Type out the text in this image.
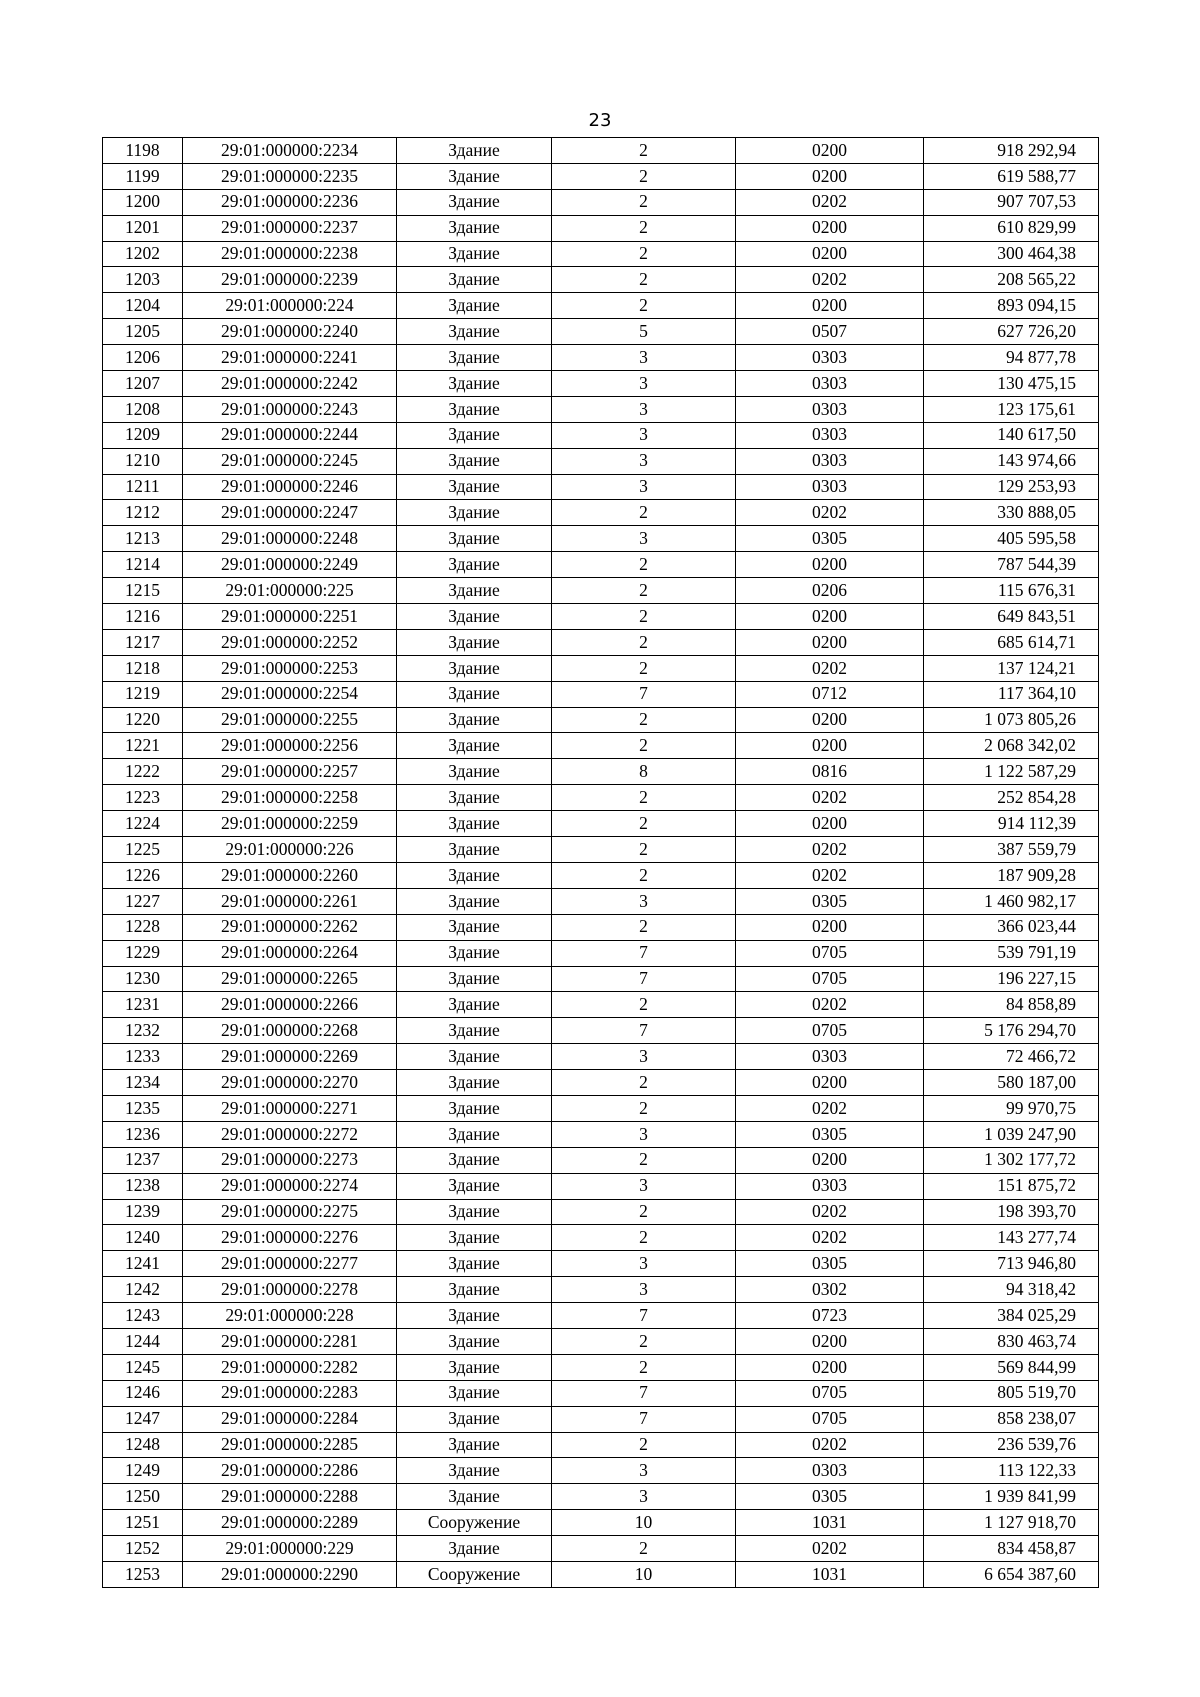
23
1198	29:01:000000:2234	Здание	2	0200	918 292,94
1199	29:01:000000:2235	Здание	2	0200	619 588,77
1200	29:01:000000:2236	Здание	2	0202	907 707,53
1201	29:01:000000:2237	Здание	2	0200	610 829,99
1202	29:01:000000:2238	Здание	2	0200	300 464,38
1203	29:01:000000:2239	Здание	2	0202	208 565,22
1204	29:01:000000:224	Здание	2	0200	893 094,15
1205	29:01:000000:2240	Здание	5	0507	627 726,20
1206	29:01:000000:2241	Здание	3	0303	94 877,78
1207	29:01:000000:2242	Здание	3	0303	130 475,15
1208	29:01:000000:2243	Здание	3	0303	123 175,61
1209	29:01:000000:2244	Здание	3	0303	140 617,50
1210	29:01:000000:2245	Здание	3	0303	143 974,66
1211	29:01:000000:2246	Здание	3	0303	129 253,93
1212	29:01:000000:2247	Здание	2	0202	330 888,05
1213	29:01:000000:2248	Здание	3	0305	405 595,58
1214	29:01:000000:2249	Здание	2	0200	787 544,39
1215	29:01:000000:225	Здание	2	0206	115 676,31
1216	29:01:000000:2251	Здание	2	0200	649 843,51
1217	29:01:000000:2252	Здание	2	0200	685 614,71
1218	29:01:000000:2253	Здание	2	0202	137 124,21
1219	29:01:000000:2254	Здание	7	0712	117 364,10
1220	29:01:000000:2255	Здание	2	0200	1 073 805,26
1221	29:01:000000:2256	Здание	2	0200	2 068 342,02
1222	29:01:000000:2257	Здание	8	0816	1 122 587,29
1223	29:01:000000:2258	Здание	2	0202	252 854,28
1224	29:01:000000:2259	Здание	2	0200	914 112,39
1225	29:01:000000:226	Здание	2	0202	387 559,79
1226	29:01:000000:2260	Здание	2	0202	187 909,28
1227	29:01:000000:2261	Здание	3	0305	1 460 982,17
1228	29:01:000000:2262	Здание	2	0200	366 023,44
1229	29:01:000000:2264	Здание	7	0705	539 791,19
1230	29:01:000000:2265	Здание	7	0705	196 227,15
1231	29:01:000000:2266	Здание	2	0202	84 858,89
1232	29:01:000000:2268	Здание	7	0705	5 176 294,70
1233	29:01:000000:2269	Здание	3	0303	72 466,72
1234	29:01:000000:2270	Здание	2	0200	580 187,00
1235	29:01:000000:2271	Здание	2	0202	99 970,75
1236	29:01:000000:2272	Здание	3	0305	1 039 247,90
1237	29:01:000000:2273	Здание	2	0200	1 302 177,72
1238	29:01:000000:2274	Здание	3	0303	151 875,72
1239	29:01:000000:2275	Здание	2	0202	198 393,70
1240	29:01:000000:2276	Здание	2	0202	143 277,74
1241	29:01:000000:2277	Здание	3	0305	713 946,80
1242	29:01:000000:2278	Здание	3	0302	94 318,42
1243	29:01:000000:228	Здание	7	0723	384 025,29
1244	29:01:000000:2281	Здание	2	0200	830 463,74
1245	29:01:000000:2282	Здание	2	0200	569 844,99
1246	29:01:000000:2283	Здание	7	0705	805 519,70
1247	29:01:000000:2284	Здание	7	0705	858 238,07
1248	29:01:000000:2285	Здание	2	0202	236 539,76
1249	29:01:000000:2286	Здание	3	0303	113 122,33
1250	29:01:000000:2288	Здание	3	0305	1 939 841,99
1251	29:01:000000:2289	Сооружение	10	1031	1 127 918,70
1252	29:01:000000:229	Здание	2	0202	834 458,87
1253	29:01:000000:2290	Сооружение	10	1031	6 654 387,60
